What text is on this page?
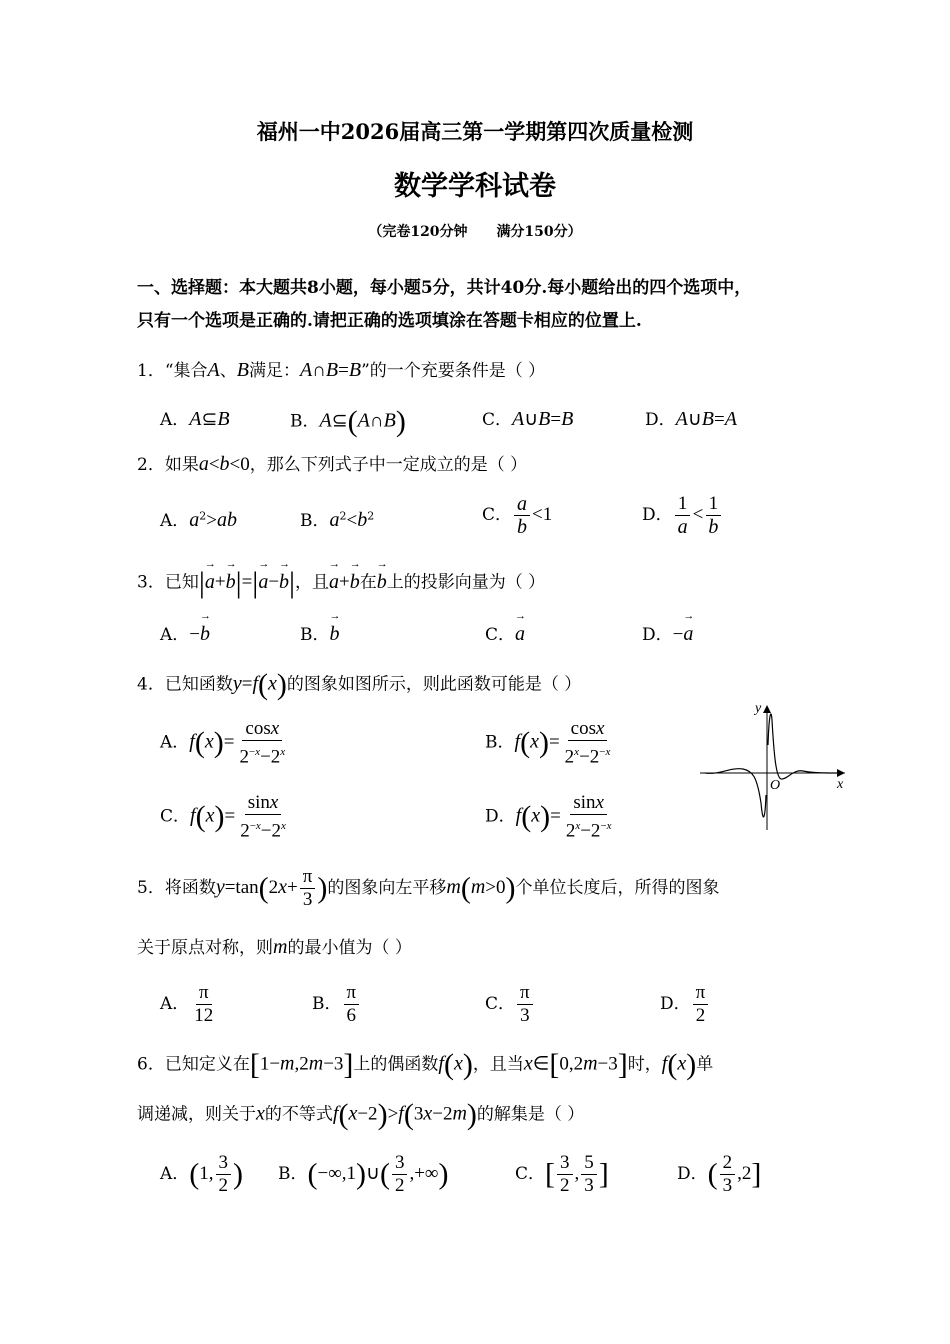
福州一中2026届高三第一学期第四次质量检测
数学学科试卷
（完卷120分钟 满分150分）
一、选择题：本大题共8小题，每小题5分，共计40分.每小题给出的四个选项中，
只有一个选项是正确的.请把正确的选项填涂在答题卡相应的位置上.
1．“集合A、B满足：A∩B=B”的一个充要条件是（ ）
A．A⊆B	B．A⊆(A∩B)	C．A∪B=B	D．A∪B=A
2．如果a<b<0，那么下列式子中一定成立的是（ ）
A．$a^2>ab$	B．$a^2<b^2$	C． $\frac{a}{b} <1$	D． $\frac{1}{a} < \frac{1}{b}$
3．已知|→ a+→ b|=|→ a−→ b|，且→ a+→ b在→ b上的投影向量为（ ）
A．−→ b	B．→ b	C．→ a	D．−→ a
4．已知函数y=f(x)的图象如图所示，则此函数可能是（ ）
A．$f(x)= \frac{\cos x}{2^{-x}-2^x}$	B．$f(x)= \frac{\cos x}{2^x-2^{-x}}$
C．$f(x)= \frac{\sin x}{2^{-x}-2^x}$	D．$f(x)= \frac{\sin x}{2^x-2^{-x}}$
y
x
O
5．将函数$y=\tan(2x+ \frac{\pi}{3}$ )的图象向左平移m(m>0)个单位长度后，所得的图象
关于原点对称，则m的最小值为（ ）
A． $\frac{\pi}{12}$	B． $\frac{\pi}{6}$	C． $\frac{\pi}{3}$	D． $\frac{\pi}{2}$
6．已知定义在[1−m,2m−3]上的偶函数f(x)，且当x∈[0,2m−3]时，f(x)单
调递减，则关于x的不等式f(x−2)>f(3x−2m)的解集是（ ）
A．(1, $\frac{3}{2}$ ) B．(−∞,1)∪( $\frac{3}{2}$ ,+∞)	C．[ $\frac{3}{2}$ , $\frac{5}{3}$ ]	D．( $\frac{2}{3} ,2$]
